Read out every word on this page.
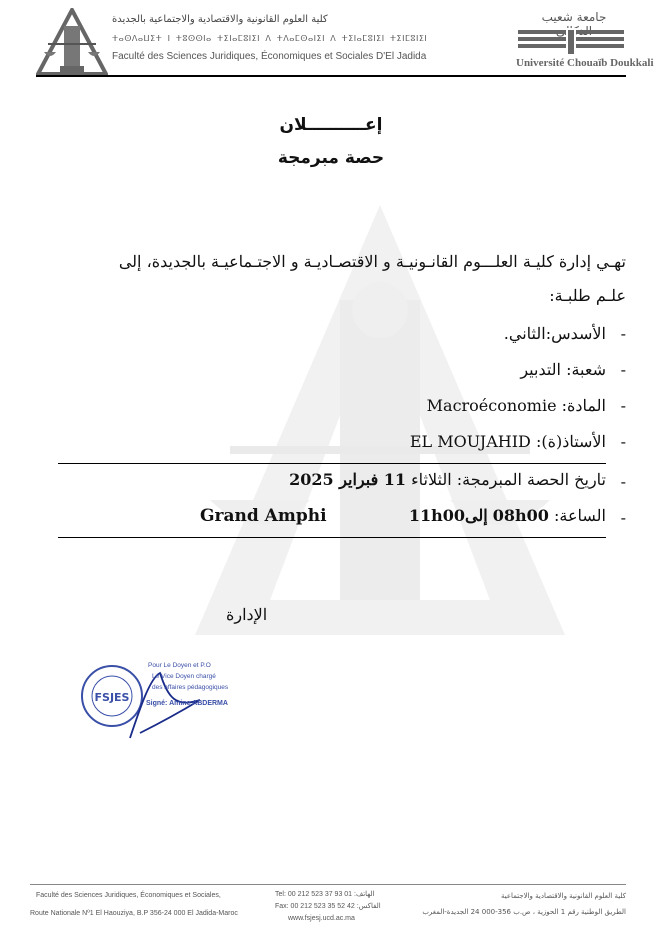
كلية العلوم القانونية والاقتصادية والاجتماعية بالجديدة
ⵜⴰⵙⴷⴰⵡⵉⵜ ⵏ ⵜⵓⵙⵙⵏⴰ ⵜⵉⵏⴰⵎⵓⵏⵉⵏ ⴷ ⵜⴷⴰⵎⵙⴰⵏⵉⵏ ⴷ ⵜⵉⵏⴰⵎⵓⵏⵉⵏ ⵜⵉⵏⵎⵓⵏⵉⵏ
Faculté des Sciences Juridiques, Économiques et Sociales D'El Jadida
جامعة شعيب
Université Chouaïb Doukkali
إعــــــــــلان
حصة مبرمجة
تهـي إدارة كليـة العلـــوم القانـونيـة و الاقتصـاديـة و الاجتـماعيـة بالجديدة، إلى
علـم طلبـة:
-
الأسدس:الثاني.
-
شعبة: التدبير
-
المادة: Macroéconomie
-
الأستاذ(ة): EL MOUJAHID
-
تاريخ الحصة المبرمجة: الثلاثاء 11 فبراير 2025
-
الساعة: 08h00 إلى11h00
Grand Amphi
الإدارة
FSJES
Pour Le Doyen et P.O
Le Vice Doyen chargé
des affaires pédagogiques
Signé: Amine ABDERMA
Faculté des Sciences Juridiques, Économiques et Sociales,
Route Nationale Nº1 El Haouziya, B.P 356-24 000 El Jadida-Maroc
Tel: 00 212 523 37 93 01 :الهاتف
Fax: 00 212 523 35 52 42 :الفاكس
www.fsjesj.ucd.ac.ma
كلية العلوم القانونية والاقتصادية والاجتماعية
الطريق الوطنية رقم 1 الحوزية ، ص.ب 356-000 24 الجديدة-المغرب
